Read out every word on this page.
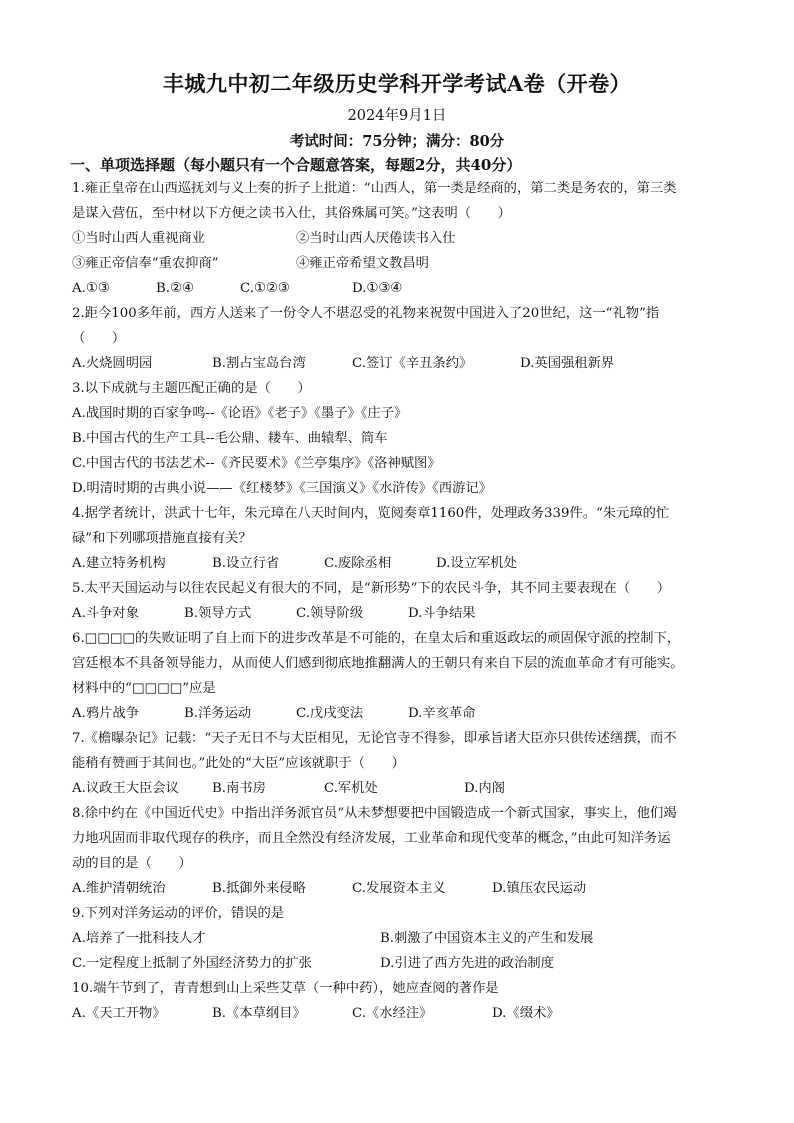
丰城九中初二年级历史学科开学考试A卷（开卷）
2024年9月1日
考试时间：75分钟；满分：80分
一、单项选择题（每小题只有一个合题意答案，每题2分，共40分）
1.雍正皇帝在山西巡抚刘与义上奏的折子上批道：“山西人，第一类是经商的，第二类是务农的，第三类
是谋入营伍，至中材以下方便之读书入仕，其俗殊属可笑。”这表明（　　）
①当时山西人重视商业	②当时山西人厌倦读书入仕
③雍正帝信奉“重农抑商”	④雍正帝希望文教昌明
A.①③	B.②④	C.①②③	D.①③④
2.距今100多年前，西方人送来了一份令人不堪忍受的礼物来祝贺中国进入了20世纪，这一“礼物”指
（　　）
A.火烧圆明园	B.割占宝岛台湾	C.签订《辛丑条约》	D.英国强租新界
3.以下成就与主题匹配正确的是（　　）
A.战国时期的百家争鸣--《论语》《老子》《墨子》《庄子》
B.中国古代的生产工具--毛公鼎、耧车、曲辕犁、筒车
C.中国古代的书法艺术--《齐民要术》《兰亭集序》《洛神赋图》
D.明清时期的古典小说——《红楼梦》《三国演义》《水浒传》《西游记》
4.据学者统计，洪武十七年，朱元璋在八天时间内，览阅奏章1160件，处理政务339件。“朱元璋的忙
碌”和下列哪项措施直接有关？
A.建立特务机构	B.设立行省	C.废除丞相	D.设立军机处
5.太平天国运动与以往农民起义有很大的不同，是“新形势”下的农民斗争，其不同主要表现在（　　）
A.斗争对象	B.领导方式	C.领导阶级	D.斗争结果
6.□□□□的失败证明了自上而下的进步改革是不可能的，在皇太后和重返政坛的顽固保守派的控制下，
宫廷根本不具备领导能力，从而使人们感到彻底地推翻满人的王朝只有来自下层的流血革命才有可能实。
材料中的“□□□□”应是
A.鸦片战争	B.洋务运动	C.戊戌变法	D.辛亥革命
7.《檐曝杂记》记载：“天子无日不与大臣相见，无论官寺不得参，即承旨诸大臣亦只供传述缮撰，而不
能稍有赞画于其间也。”此处的“大臣”应该就职于（　　）
A.议政王大臣会议 B.南书房	C.军机处	D.内阁
8.徐中约在《中国近代史》中指出洋务派官员“从未梦想要把中国锻造成一个新式国家，事实上，他们竭
力地巩固而非取代现存的秩序，而且全然没有经济发展，工业革命和现代变革的概念，”由此可知洋务运
动的目的是（　　）
A.维护清朝统治	B.抵御外来侵略	C.发展资本主义	D.镇压农民运动
9.下列对洋务运动的评价，错误的是
A.培养了一批科技人才	B.刺激了中国资本主义的产生和发展
C.一定程度上抵制了外国经济势力的扩张	D.引进了西方先进的政治制度
10.端午节到了，青青想到山上采些艾草（一种中药），她应查阅的著作是
A.《天工开物》	B.《本草纲目》	C.《水经注》	D.《缀术》
